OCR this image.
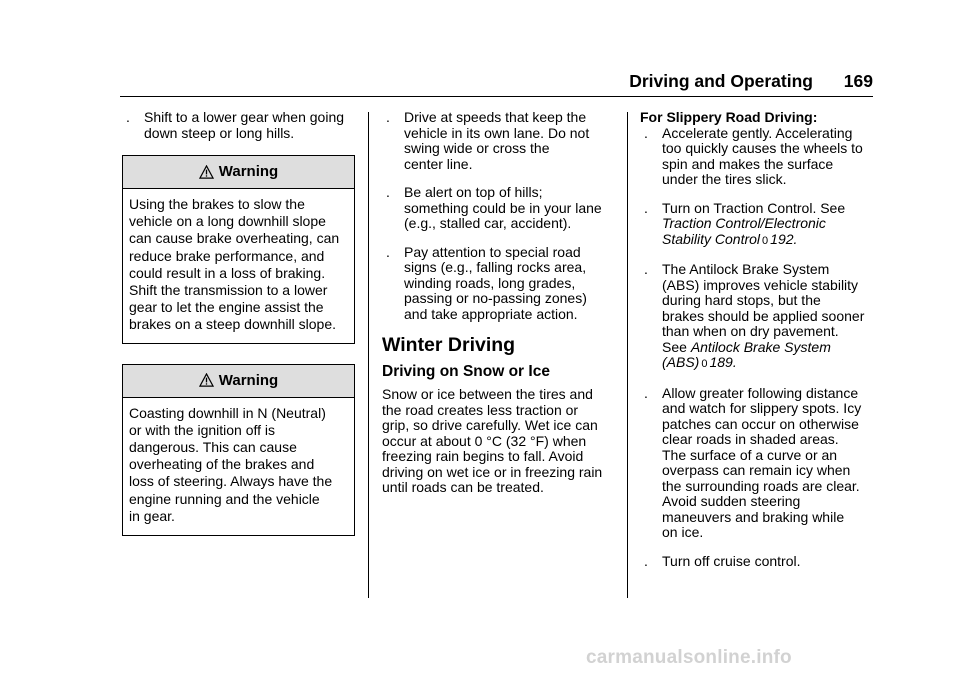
Driving and Operating 169
. Shift to a lower gear when going
down steep or long hills.
Warning
Using the brakes to slow the
vehicle on a long downhill slope
can cause brake overheating, can
reduce brake performance, and
could result in a loss of braking.
Shift the transmission to a lower
gear to let the engine assist the
brakes on a steep downhill slope.
Warning
Coasting downhill in N (Neutral)
or with the ignition off is
dangerous. This can cause
overheating of the brakes and
loss of steering. Always have the
engine running and the vehicle
in gear.
. Drive at speeds that keep the
vehicle in its own lane. Do not
swing wide or cross the
center line.
. Be alert on top of hills;
something could be in your lane
(e.g., stalled car, accident).
. Pay attention to special road
signs (e.g., falling rocks area,
winding roads, long grades,
passing or no-passing zones)
and take appropriate action.
Winter Driving
Driving on Snow or Ice
Snow or ice between the tires and
the road creates less traction or
grip, so drive carefully. Wet ice can
occur at about 0 °C (32 °F) when
freezing rain begins to fall. Avoid
driving on wet ice or in freezing rain
until roads can be treated.

For Slippery Road Driving:

. Accelerate gently. Accelerating
too quickly causes the wheels to
spin and makes the surface
under the tires slick.
. Turn on Traction Control. See
Traction Control/Electronic
Stability Control 0 192.
. The Antilock Brake System
(ABS) improves vehicle stability
during hard stops, but the
brakes should be applied sooner
than when on dry pavement.
See Antilock Brake System
(ABS) 0 189.
. Allow greater following distance
and watch for slippery spots. Icy
patches can occur on otherwise
clear roads in shaded areas.
The surface of a curve or an
overpass can remain icy when
the surrounding roads are clear.
Avoid sudden steering
maneuvers and braking while
on ice.
. Turn off cruise control.
carmanualsonline.info
